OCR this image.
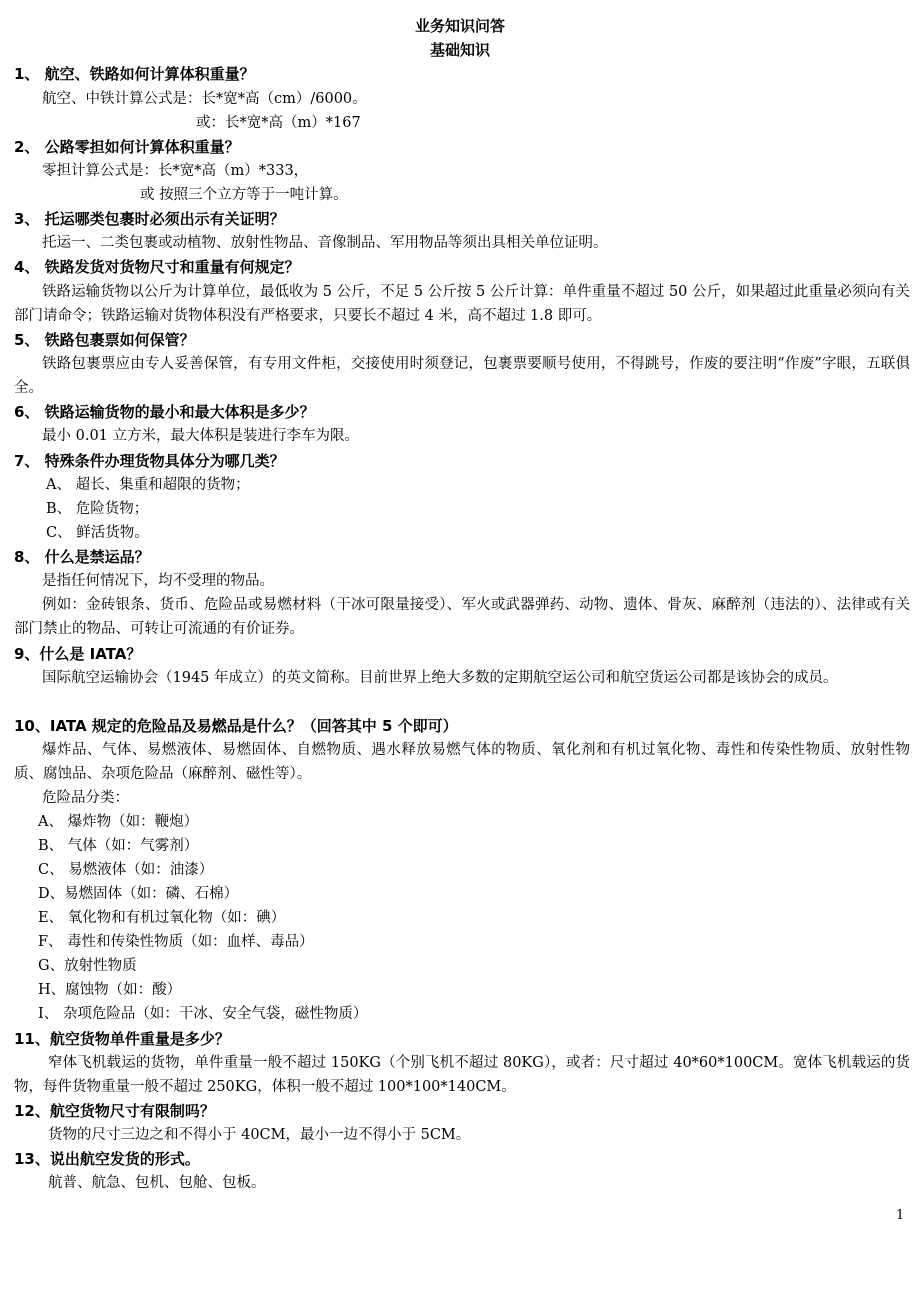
业务知识问答
基础知识
1、 航空、铁路如何计算体积重量？
航空、中铁计算公式是：长*宽*高（cm）/6000。
或：长*宽*高（m）*167
2、 公路零担如何计算体积重量？
零担计算公式是：长*宽*高（m）*333，
或 按照三个立方等于一吨计算。
3、 托运哪类包裹时必须出示有关证明？
托运一、二类包裹或动植物、放射性物品、音像制品、军用物品等须出具相关单位证明。
4、 铁路发货对货物尺寸和重量有何规定？
铁路运输货物以公斤为计算单位，最低收为 5 公斤，不足 5 公斤按 5 公斤计算：单件重量不超过 50 公斤，如果超过此重量必须向有关部门请命令；铁路运输对货物体积没有严格要求，只要长不超过 4 米，高不超过 1.8 即可。
5、 铁路包裹票如何保管？
铁路包裹票应由专人妥善保管，有专用文件柜，交接使用时须登记，包裹票要顺号使用，不得跳号，作废的要注明“作废”字眼，五联俱全。
6、 铁路运输货物的最小和最大体积是多少？
最小 0.01 立方米，最大体积是装进行李车为限。
7、 特殊条件办理货物具体分为哪几类？
A、 超长、集重和超限的货物；
B、 危险货物；
C、 鲜活货物。
8、 什么是禁运品？
是指任何情况下，均不受理的物品。
例如：金砖银条、货币、危险品或易燃材料（干冰可限量接受）、军火或武器弹药、动物、遗体、骨灰、麻醉剂（违法的）、法律或有关部门禁止的物品、可转让可流通的有价证券。
9、什么是 IATA？
国际航空运输协会（1945 年成立）的英文简称。目前世界上绝大多数的定期航空运公司和航空货运公司都是该协会的成员。
10、IATA 规定的危险品及易燃品是什么？（回答其中 5 个即可）
爆炸品、气体、易燃液体、易燃固体、自燃物质、遇水释放易燃气体的物质、氧化剂和有机过氧化物、毒性和传染性物质、放射性物质、腐蚀品、杂项危险品（麻醉剂、磁性等）。
危险品分类：
A、 爆炸物（如：鞭炮）
B、 气体（如：气雾剂）
C、 易燃液体（如：油漆）
D、易燃固体（如：磷、石棉）
E、 氧化物和有机过氧化物（如：碘）
F、 毒性和传染性物质（如：血样、毒品）
G、放射性物质
H、腐蚀物（如：酸）
I、 杂项危险品（如：干冰、安全气袋，磁性物质）
11、航空货物单件重量是多少？
窄体飞机载运的货物，单件重量一般不超过 150KG（个别飞机不超过 80KG），或者：尺寸超过 40*60*100CM。宽体飞机载运的货物，每件货物重量一般不超过 250KG，体积一般不超过 100*100*140CM。
12、航空货物尺寸有限制吗？
货物的尺寸三边之和不得小于 40CM，最小一边不得小于 5CM。
13、说出航空发货的形式。
航普、航急、包机、包舱、包板。
1
